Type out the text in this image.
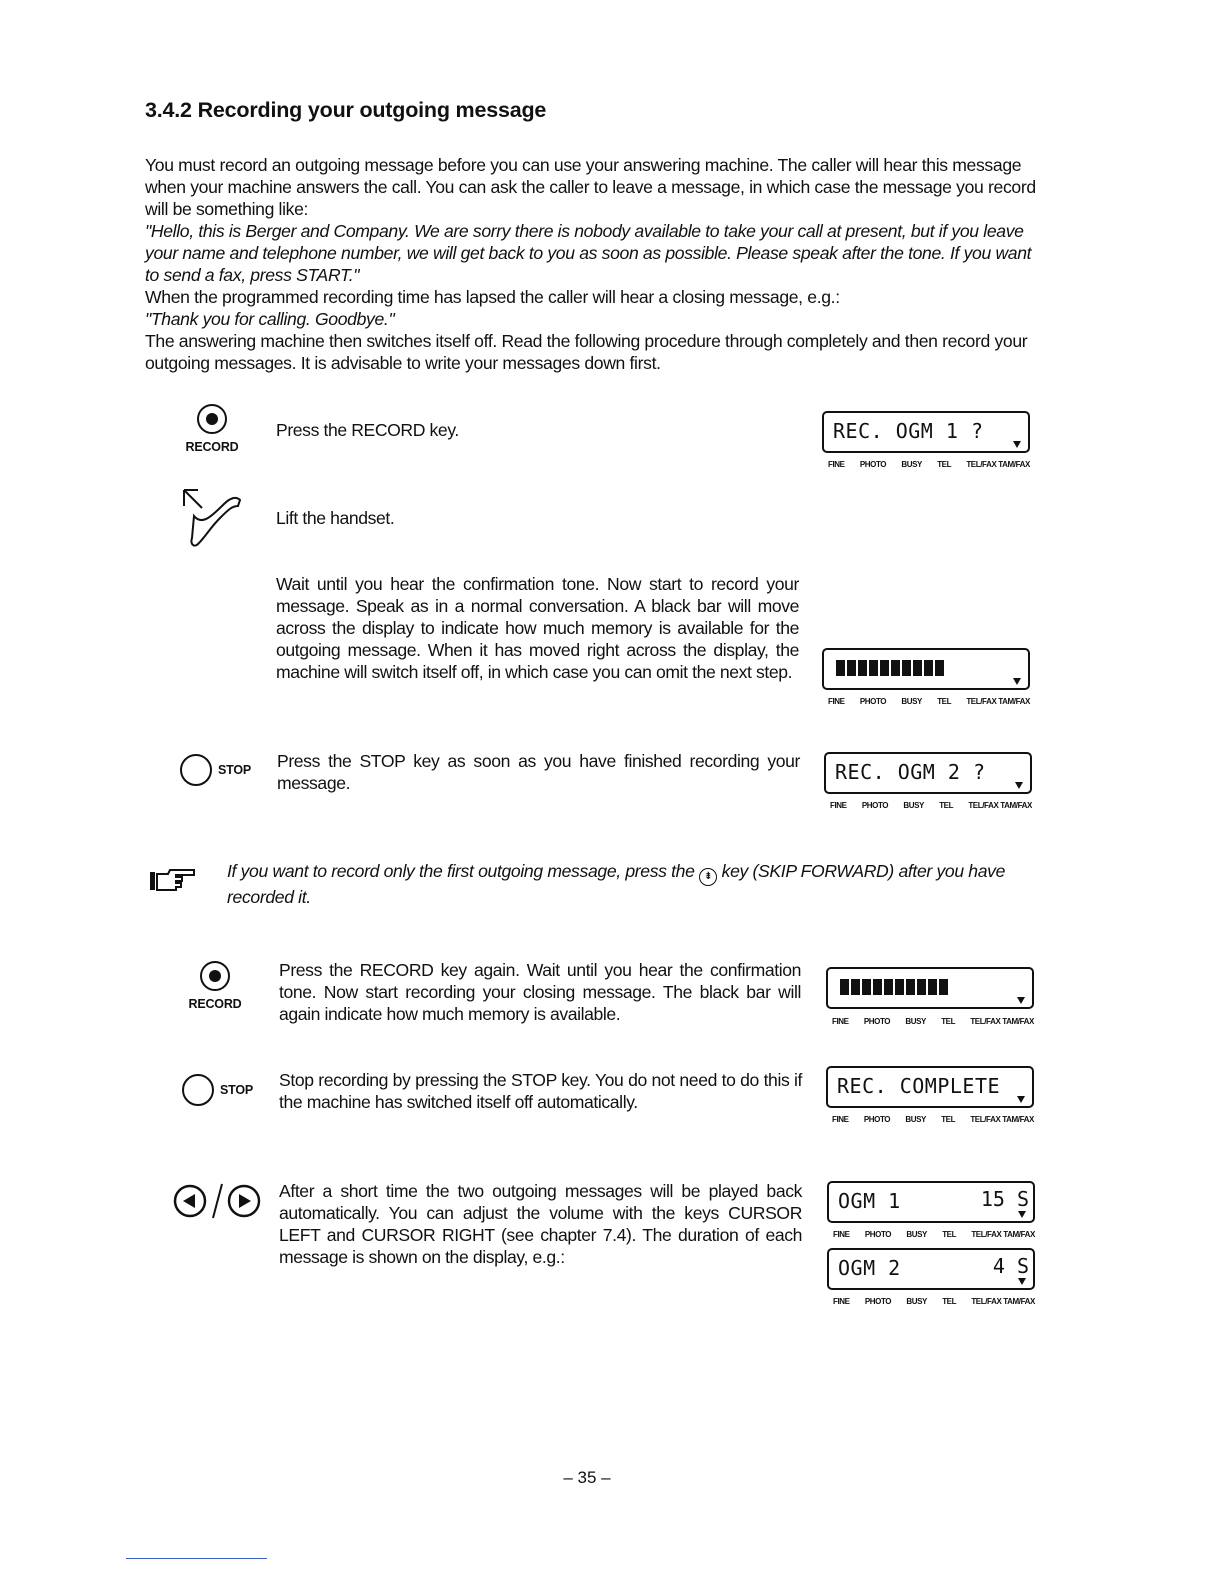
3.4.2 Recording your outgoing message

You must record an outgoing message before you can use your answering machine. The caller will hear this message when your machine answers the call. You can ask the caller to leave a message, in which case the message you record will be something like:

"Hello, this is Berger and Company. We are sorry there is nobody available to take your call at present, but if you leave your name and telephone number, we will get back to you as soon as possible. Please speak after the tone. If you want to send a fax, press START."

When the programmed recording time has lapsed the caller will hear a closing message, e.g.:

"Thank you for calling. Goodbye."

The answering machine then switches itself off. Read the following procedure through completely and then record your outgoing messages. It is advisable to write your messages down first.

RECORD
Press the RECORD key.	REC. OGM 1 ?
FINE PHOTO BUSY TEL TEL/FAX TAM/FAX
Lift the handset.
Wait until you hear the confirmation tone. Now start to record your message. Speak as in a normal conversation. A black bar will move across the display to indicate how much memory is available for the outgoing message. When it has moved right across the display, the machine will switch itself off, in which case you can omit the next step.
FINE PHOTO BUSY TEL TEL/FAX TAM/FAX
STOP Press the STOP key as soon as you have finished recording your message.	REC. OGM 2 ?
FINE PHOTO BUSY TEL TEL/FAX TAM/FAX
If you want to record only the first outgoing message, press the ⇟ key (SKIP FORWARD) after you have recorded it.
RECORD
Press the RECORD key again. Wait until you hear the confirmation tone. Now start recording your closing message. The black bar will again indicate how much memory is available.	FINE PHOTO BUSY TEL TEL/FAX TAM/FAX
STOP Stop recording by pressing the STOP key. You do not need to do this if the machine has switched itself off automatically.
REC. COMPLETE
FINE PHOTO BUSY TEL TEL/FAX TAM/FAX
After a short time the two outgoing messages will be played back automatically. You can adjust the volume with the keys CURSOR LEFT and CURSOR RIGHT (see chapter 7.4). The duration of each message is shown on the display, e.g.:
OGM 1	15 S
FINE PHOTO BUSY TEL TEL/FAX TAM/FAX
OGM 2	4 S
FINE PHOTO BUSY TEL TEL/FAX TAM/FAX
– 35 –
